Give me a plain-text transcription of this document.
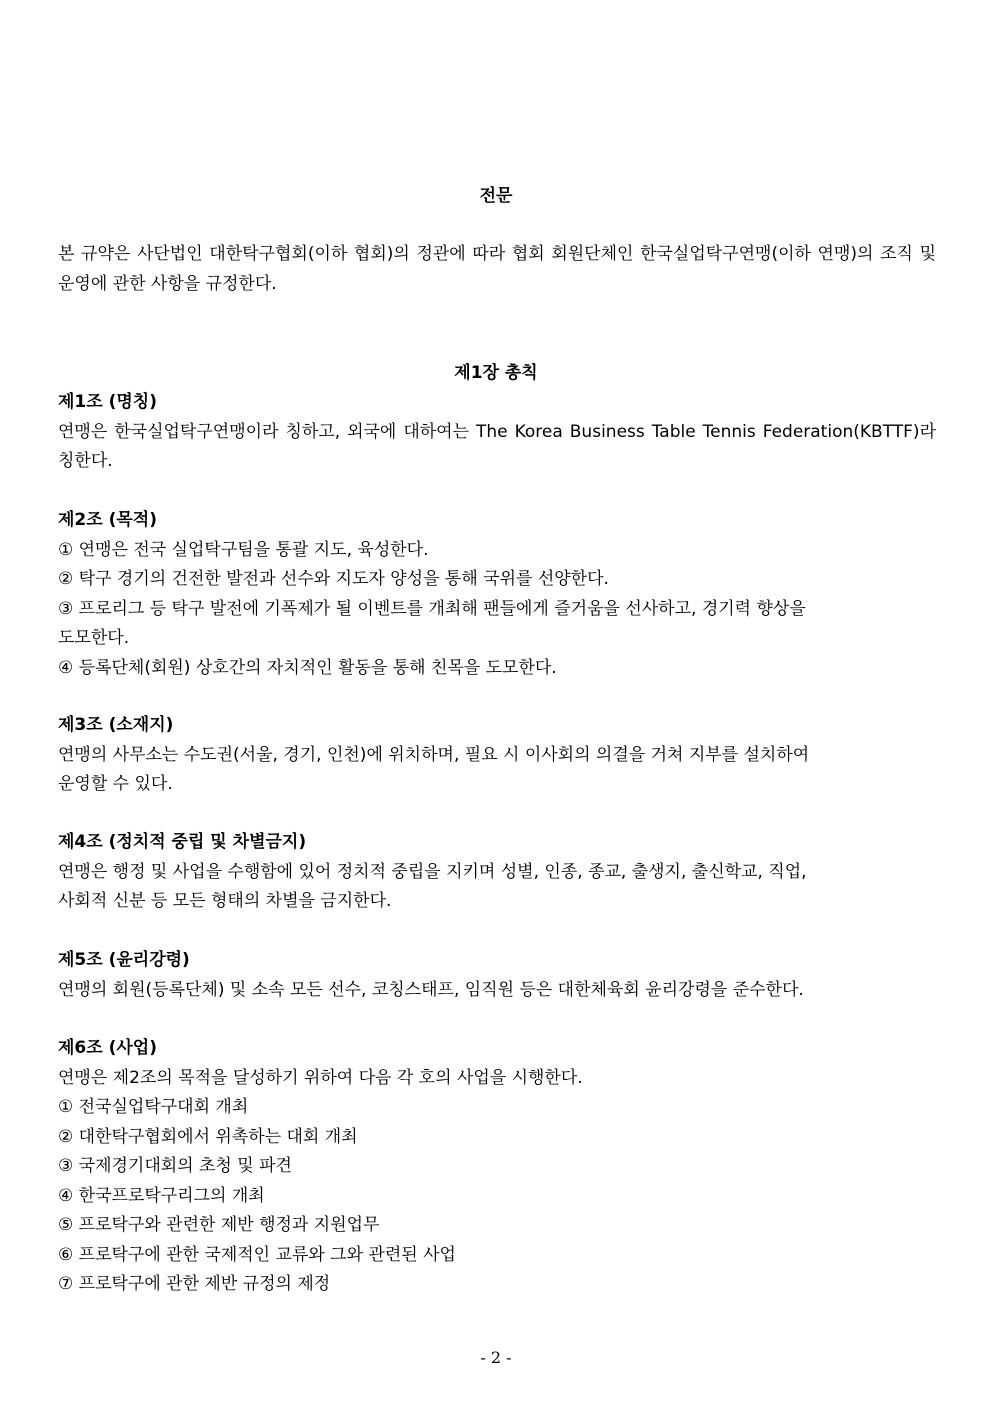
전문

본 규약은 사단법인 대한탁구협회(이하 협회)의 정관에 따라 협회 회원단체인 한국실업탁구연맹(이하 연맹)의 조직 및 운영에 관한 사항을 규정한다.

제1장 총칙
제1조 (명칭)
연맹은 한국실업탁구연맹이라 칭하고, 외국에 대하여는 The Korea Business Table Tennis Federation(KBTTF)라 칭한다.
제2조 (목적)
① 연맹은 전국 실업탁구팀을 통괄 지도, 육성한다.
② 탁구 경기의 건전한 발전과 선수와 지도자 양성을 통해 국위를 선양한다.
③ 프로리그 등 탁구 발전에 기폭제가 될 이벤트를 개최해 팬들에게 즐거움을 선사하고, 경기력 향상을
도모한다.
④ 등록단체(회원) 상호간의 자치적인 활동을 통해 친목을 도모한다.
제3조 (소재지)
연맹의 사무소는 수도권(서울, 경기, 인천)에 위치하며, 필요 시 이사회의 의결을 거쳐 지부를 설치하여
운영할 수 있다.
제4조 (정치적 중립 및 차별금지)
연맹은 행정 및 사업을 수행함에 있어 정치적 중립을 지키며 성별, 인종, 종교, 출생지, 출신학교, 직업,
사회적 신분 등 모든 형태의 차별을 금지한다.
제5조 (윤리강령)
연맹의 회원(등록단체) 및 소속 모든 선수, 코칭스태프, 임직원 등은 대한체육회 윤리강령을 준수한다.
제6조 (사업)
연맹은 제2조의 목적을 달성하기 위하여 다음 각 호의 사업을 시행한다.
① 전국실업탁구대회 개최
② 대한탁구협회에서 위촉하는 대회 개최
③ 국제경기대회의 초청 및 파견
④ 한국프로탁구리그의 개최
⑤ 프로탁구와 관련한 제반 행정과 지원업무
⑥ 프로탁구에 관한 국제적인 교류와 그와 관련된 사업
⑦ 프로탁구에 관한 제반 규정의 제정
- 2 -
